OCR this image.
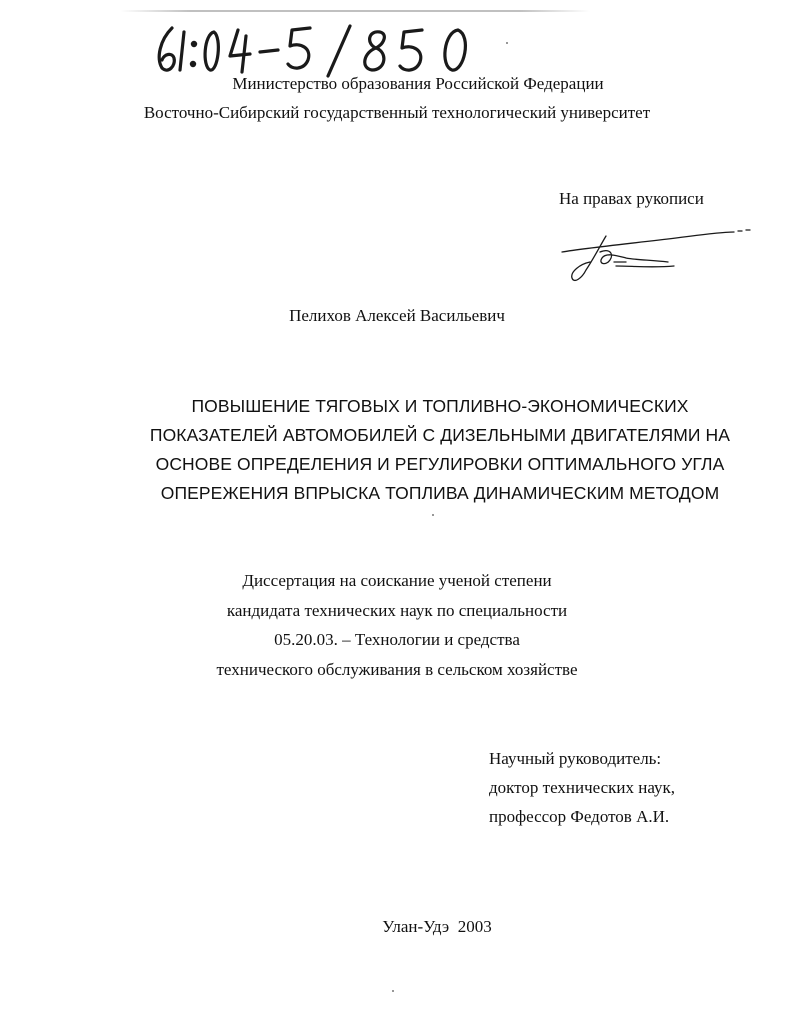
Министерство образования Российской Федерации

Восточно-Сибирский государственный технологический университет

На правах рукописи

Пелихов Алексей Васильевич

ПОВЫШЕНИЕ ТЯГОВЫХ И ТОПЛИВНО-ЭКОНОМИЧЕСКИХ
ПОКАЗАТЕЛЕЙ АВТОМОБИЛЕЙ С ДИЗЕЛЬНЫМИ ДВИГАТЕЛЯМИ НА
ОСНОВЕ ОПРЕДЕЛЕНИЯ И РЕГУЛИРОВКИ ОПТИМАЛЬНОГО УГЛА
ОПЕРЕЖЕНИЯ ВПРЫСКА ТОПЛИВА ДИНАМИЧЕСКИМ МЕТОДОМ
Диссертация на соискание ученой степени
кандидата технических наук по специальности
05.20.03. – Технологии и средства
технического обслуживания в сельском хозяйстве
Научный руководитель:
доктор технических наук,
профессор Федотов А.И.

Улан-Удэ  2003
